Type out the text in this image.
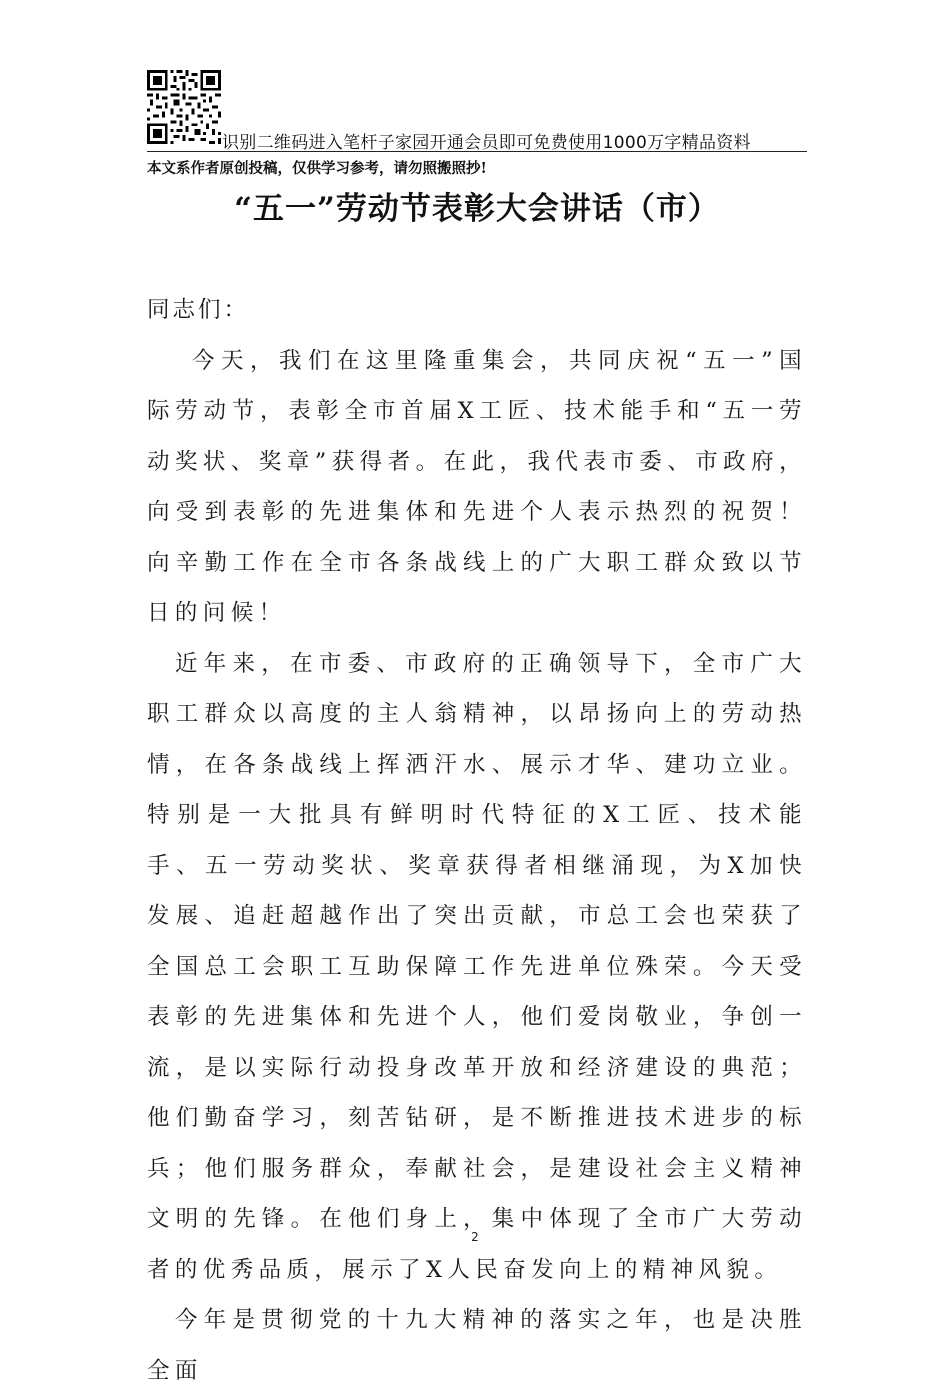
识别二维码进入笔杆子家园开通会员即可免费使用1000万字精品资料
本文系作者原创投稿，仅供学习参考，请勿照搬照抄!
“五一”劳动节表彰大会讲话（市）

同志们：

今天，我们在这里隆重集会，共同庆祝“五一”国际劳动节，表彰全市首届X工匠、技术能手和“五一劳动奖状、奖章”获得者。在此，我代表市委、市政府，向受到表彰的先进集体和先进个人表示热烈的祝贺！向辛勤工作在全市各条战线上的广大职工群众致以节日的问候！

近年来，在市委、市政府的正确领导下，全市广大职工群众以高度的主人翁精神，以昂扬向上的劳动热情，在各条战线上挥洒汗水、展示才华、建功立业。特别是一大批具有鲜明时代特征的X工匠、技术能手、五一劳动奖状、奖章获得者相继涌现，为X加快发展、追赶超越作出了突出贡献，市总工会也荣获了全国总工会职工互助保障工作先进单位殊荣。今天受表彰的先进集体和先进个人，他们爱岗敬业，争创一流，是以实际行动投身改革开放和经济建设的典范；他们勤奋学习，刻苦钻研，是不断推进技术进步的标兵；他们服务群众，奉献社会，是建设社会主义精神文明的先锋。在他们身上，集中体现了全市广大劳动者的优秀品质，展示了X人民奋发向上的精神风貌。

今年是贯彻党的十九大精神的落实之年，也是决胜全面

2
